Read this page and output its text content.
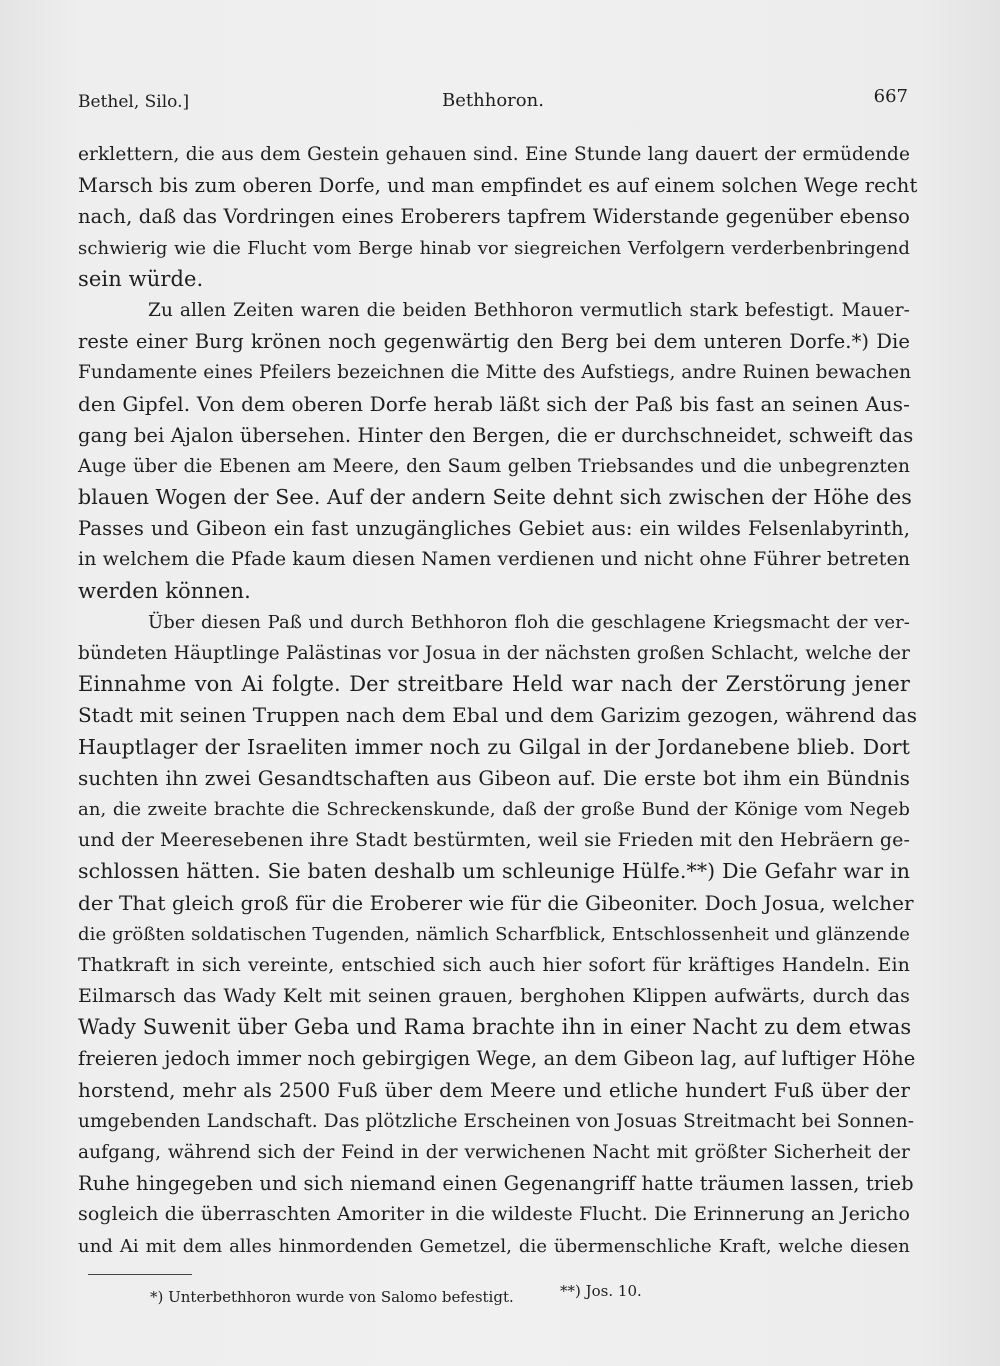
Bethel, Silo.]	Bethhoron.	667
erklettern, die aus dem Gestein gehauen sind. Eine Stunde lang dauert der ermüdende
Marsch bis zum oberen Dorfe, und man empfindet es auf einem solchen Wege recht
nach, daß das Vordringen eines Eroberers tapfrem Widerstande gegenüber ebenso
schwierig wie die Flucht vom Berge hinab vor siegreichen Verfolgern verderbenbringend
sein würde.
Zu allen Zeiten waren die beiden Bethhoron vermutlich stark befestigt. Mauer-
reste einer Burg krönen noch gegenwärtig den Berg bei dem unteren Dorfe.*) Die
Fundamente eines Pfeilers bezeichnen die Mitte des Aufstiegs, andre Ruinen bewachen
den Gipfel. Von dem oberen Dorfe herab läßt sich der Paß bis fast an seinen Aus-
gang bei Ajalon übersehen. Hinter den Bergen, die er durchschneidet, schweift das
Auge über die Ebenen am Meere, den Saum gelben Triebsandes und die unbegrenzten
blauen Wogen der See. Auf der andern Seite dehnt sich zwischen der Höhe des
Passes und Gibeon ein fast unzugängliches Gebiet aus: ein wildes Felsenlabyrinth,
in welchem die Pfade kaum diesen Namen verdienen und nicht ohne Führer betreten
werden können.
Über diesen Paß und durch Bethhoron floh die geschlagene Kriegsmacht der ver-
bündeten Häuptlinge Palästinas vor Josua in der nächsten großen Schlacht, welche der
Einnahme von Ai folgte. Der streitbare Held war nach der Zerstörung jener
Stadt mit seinen Truppen nach dem Ebal und dem Garizim gezogen, während das
Hauptlager der Israeliten immer noch zu Gilgal in der Jordanebene blieb. Dort
suchten ihn zwei Gesandtschaften aus Gibeon auf. Die erste bot ihm ein Bündnis
an, die zweite brachte die Schreckenskunde, daß der große Bund der Könige vom Negeb
und der Meeresebenen ihre Stadt bestürmten, weil sie Frieden mit den Hebräern ge-
schlossen hätten. Sie baten deshalb um schleunige Hülfe.**) Die Gefahr war in
der That gleich groß für die Eroberer wie für die Gibeoniter. Doch Josua, welcher
die größten soldatischen Tugenden, nämlich Scharfblick, Entschlossenheit und glänzende
Thatkraft in sich vereinte, entschied sich auch hier sofort für kräftiges Handeln. Ein
Eilmarsch das Wady Kelt mit seinen grauen, berghohen Klippen aufwärts, durch das
Wady Suwenit über Geba und Rama brachte ihn in einer Nacht zu dem etwas
freieren jedoch immer noch gebirgigen Wege, an dem Gibeon lag, auf luftiger Höhe
horstend, mehr als 2500 Fuß über dem Meere und etliche hundert Fuß über der
umgebenden Landschaft. Das plötzliche Erscheinen von Josuas Streitmacht bei Sonnen-
aufgang, während sich der Feind in der verwichenen Nacht mit größter Sicherheit der
Ruhe hingegeben und sich niemand einen Gegenangriff hatte träumen lassen, trieb
sogleich die überraschten Amoriter in die wildeste Flucht. Die Erinnerung an Jericho
und Ai mit dem alles hinmordenden Gemetzel, die übermenschliche Kraft, welche diesen
*) Unterbethhoron wurde von Salomo befestigt.	**) Jos. 10.
